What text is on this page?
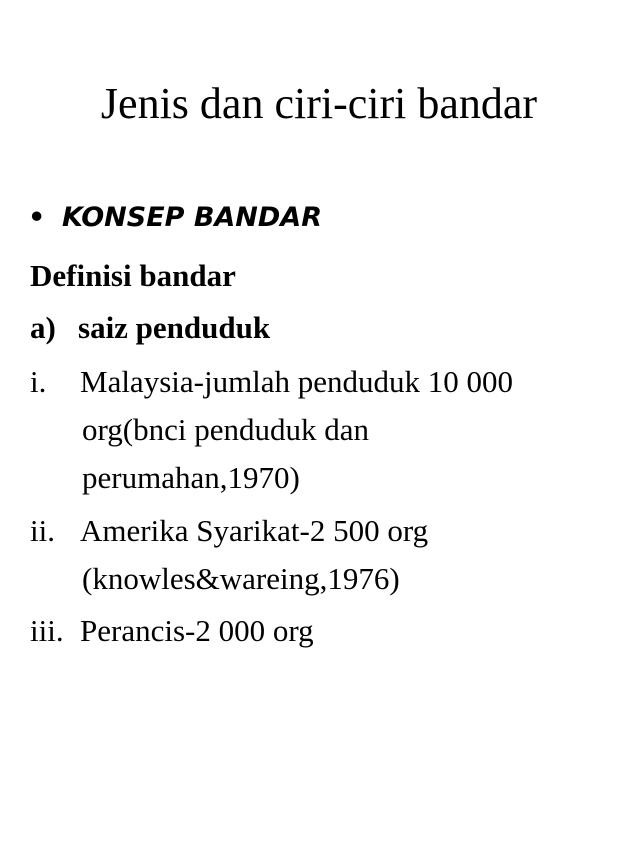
Jenis dan ciri-ciri bandar
• KONSEP BANDAR
Definisi bandar
a) saiz penduduk
i. Malaysia-jumlah penduduk 10 000
org(bnci penduduk dan
perumahan,1970)
ii. Amerika Syarikat-2 500 org
(knowles&wareing,1976)
iii. Perancis-2 000 org
